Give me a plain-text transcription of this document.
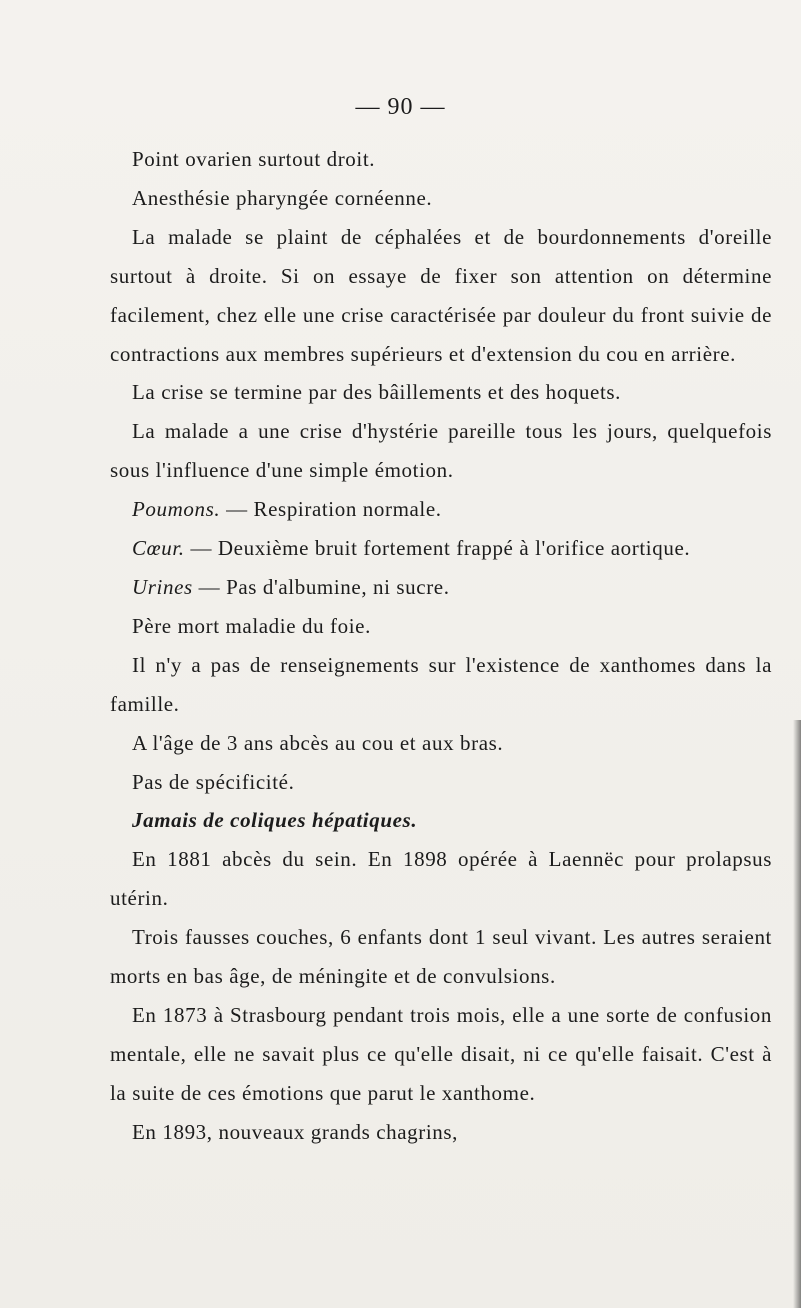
— 90 —

Point ovarien surtout droit.

Anesthésie pharyngée cornéenne.

La malade se plaint de céphalées et de bourdonnements d'oreille surtout à droite. Si on essaye de fixer son attention on détermine facilement, chez elle une crise caractérisée par douleur du front suivie de contractions aux membres supérieurs et d'extension du cou en arrière.

La crise se termine par des bâillements et des hoquets.

La malade a une crise d'hystérie pareille tous les jours, quelquefois sous l'influence d'une simple émotion.

Poumons. — Respiration normale.

Cœur. — Deuxième bruit fortement frappé à l'orifice aortique.

Urines — Pas d'albumine, ni sucre.

Père mort maladie du foie.

Il n'y a pas de renseignements sur l'existence de xanthomes dans la famille.

A l'âge de 3 ans abcès au cou et aux bras.

Pas de spécificité.

Jamais de coliques hépatiques.

En 1881 abcès du sein. En 1898 opérée à Laennëc pour prolapsus utérin.

Trois fausses couches, 6 enfants dont 1 seul vivant. Les autres seraient morts en bas âge, de méningite et de convulsions.

En 1873 à Strasbourg pendant trois mois, elle a une sorte de confusion mentale, elle ne savait plus ce qu'elle disait, ni ce qu'elle faisait. C'est à la suite de ces émotions que parut le xanthome.

En 1893, nouveaux grands chagrins,
